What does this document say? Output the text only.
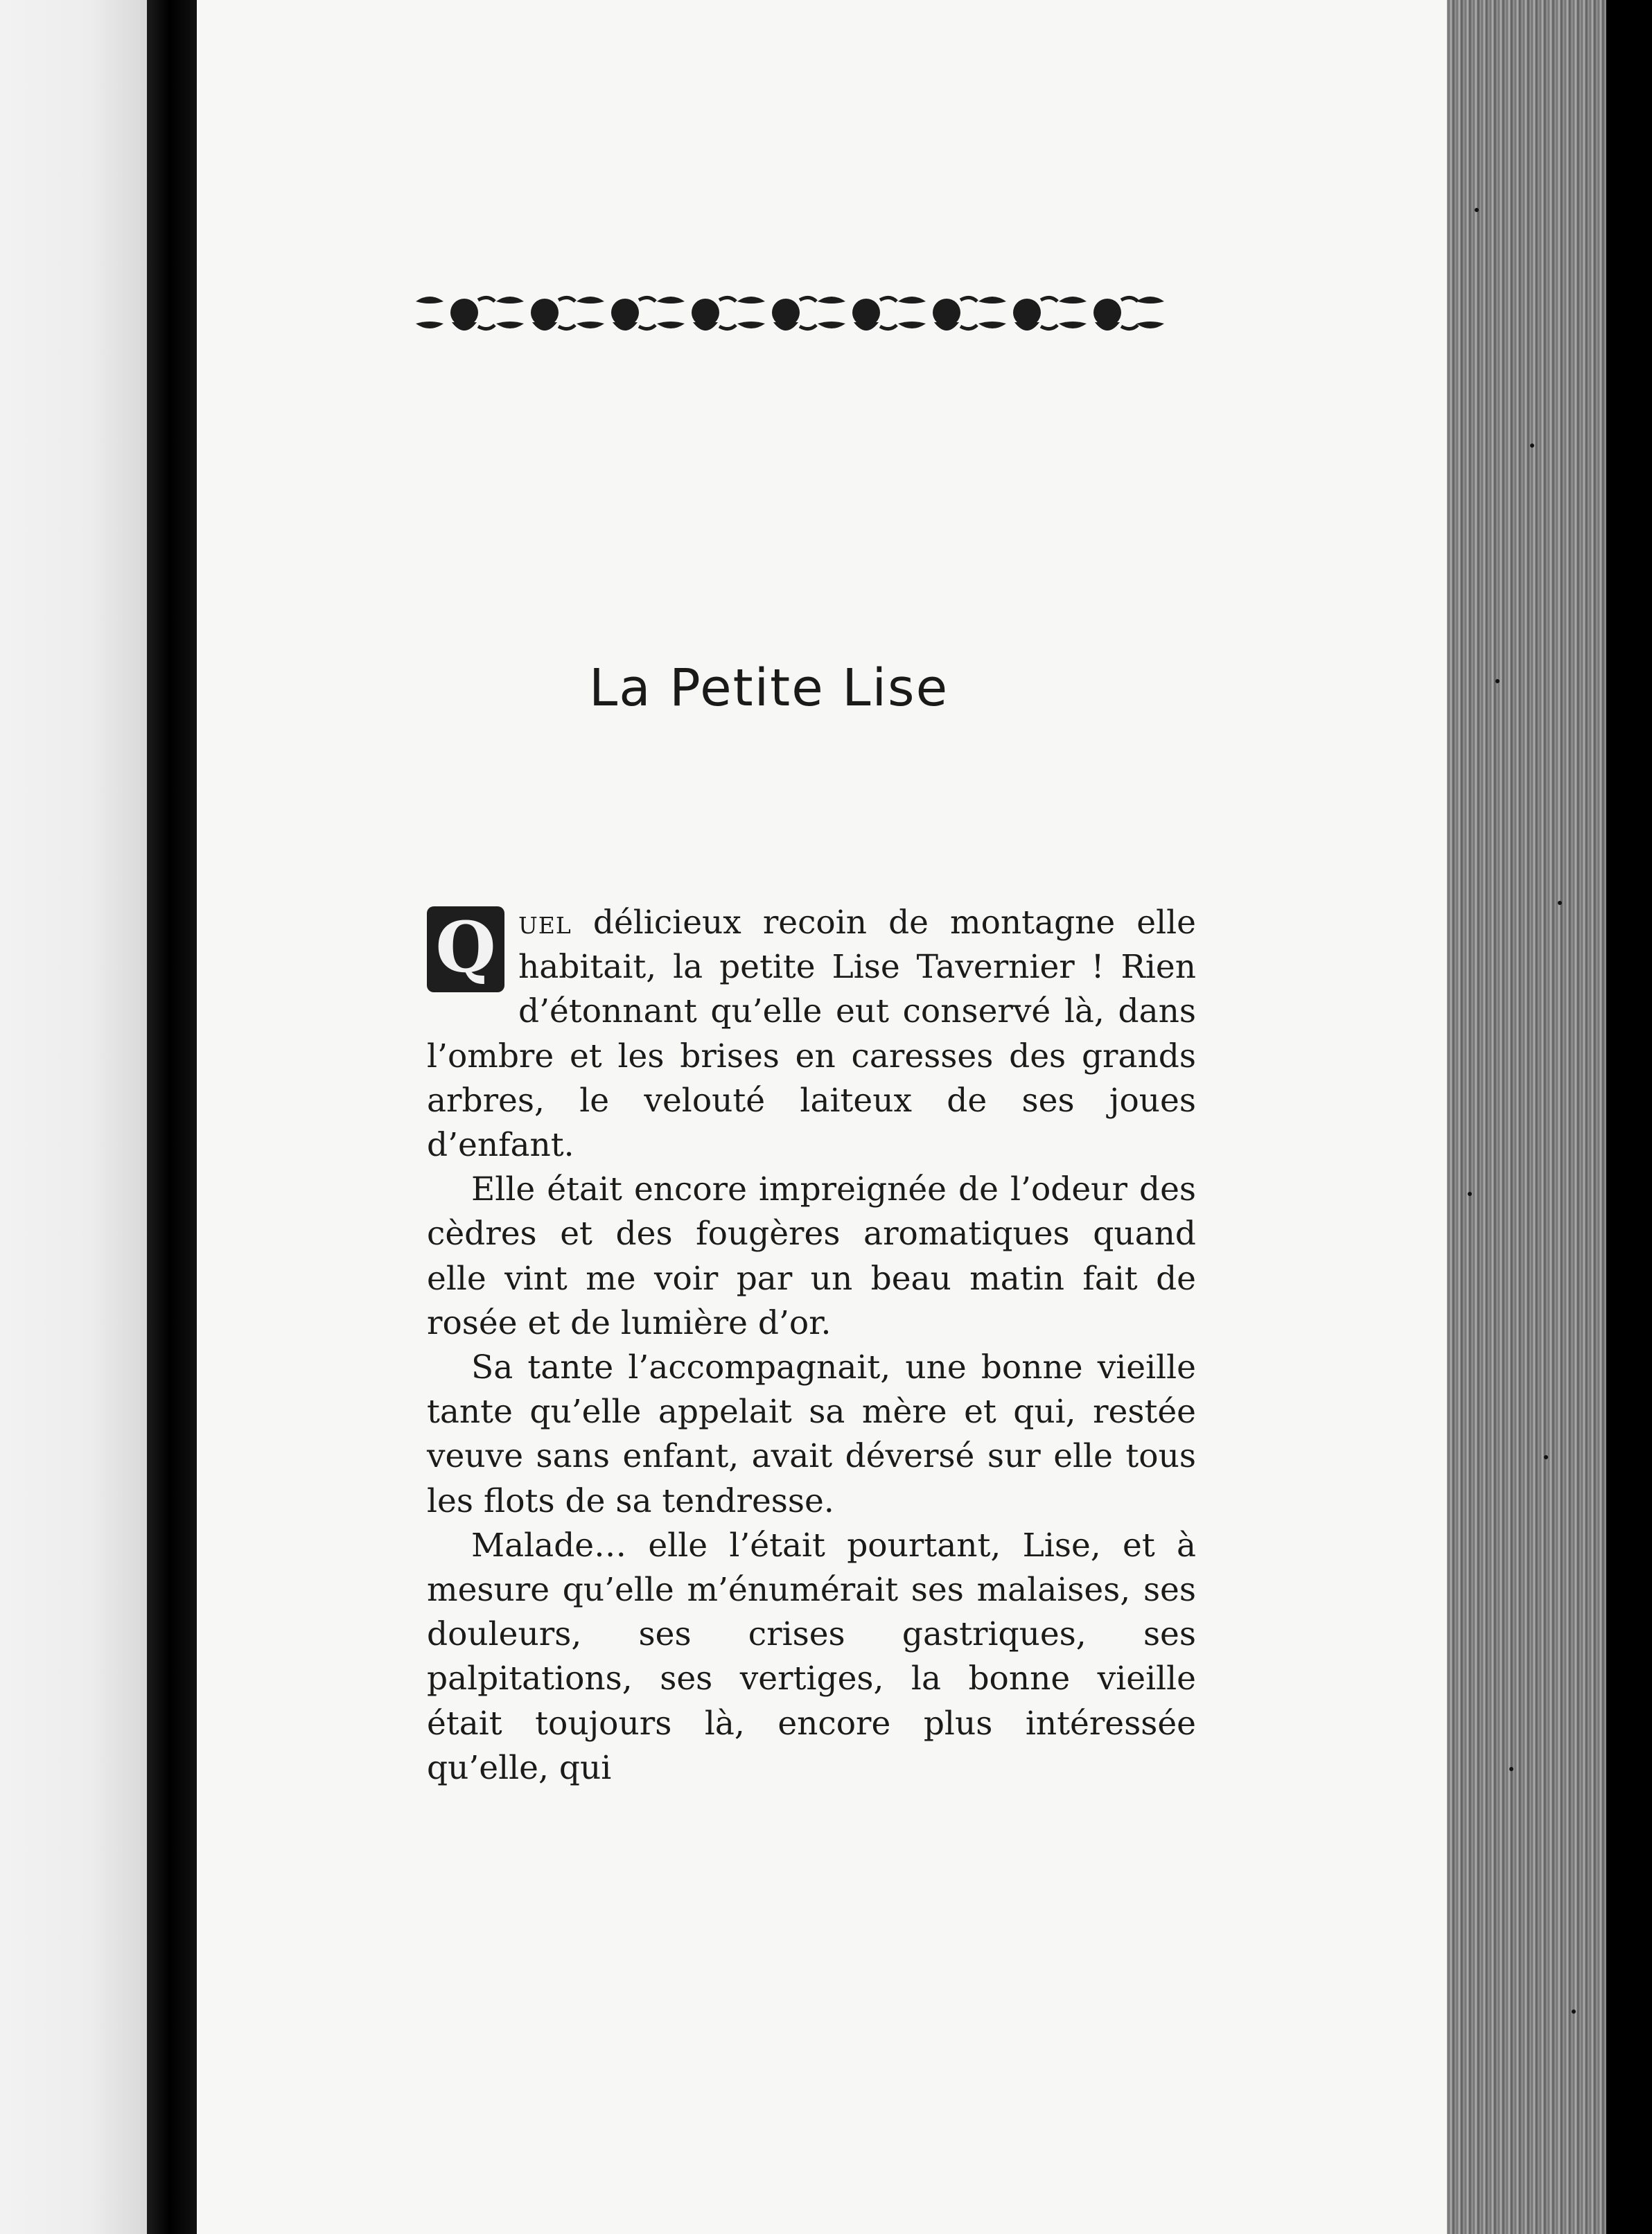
La Petite Lise

Q uel délicieux recoin de montagne elle habitait, la petite Lise Tavernier ! Rien d’étonnant qu’elle eut conservé là, dans l’ombre et les brises en caresses des grands arbres, le velouté laiteux de ses joues d’enfant.

Elle était encore impreignée de l’odeur des cèdres et des fougères aromatiques quand elle vint me voir par un beau matin fait de rosée et de lumière d’or.

Sa tante l’accompagnait, une bonne vieille tante qu’elle appelait sa mère et qui, restée veuve sans enfant, avait déversé sur elle tous les flots de sa tendresse.

Malade… elle l’était pourtant, Lise, et à mesure qu’elle m’énumérait ses malaises, ses douleurs, ses crises gastriques, ses palpitations, ses vertiges, la bonne vieille était toujours là, encore plus intéressée qu’elle, qui
